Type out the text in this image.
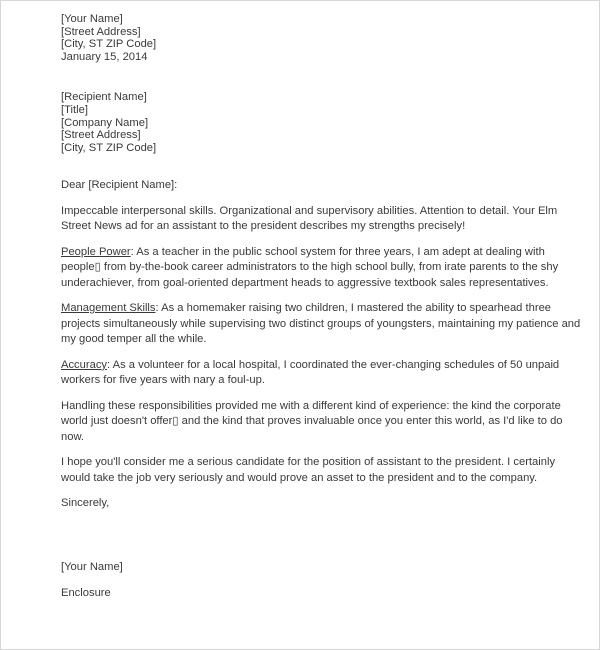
[Your Name]
[Street Address]
[City, ST ZIP Code]
January 15, 2014
[Recipient Name]
[Title]
[Company Name]
[Street Address]
[City, ST ZIP Code]

Dear [Recipient Name]:

Impeccable interpersonal skills. Organizational and supervisory abilities. Attention to detail. Your Elm Street News ad for an assistant to the president describes my strengths precisely!

People Power: As a teacher in the public school system for three years, I am adept at dealing with people▯ from by-the-book career administrators to the high school bully, from irate parents to the shy underachiever, from goal-oriented department heads to aggressive textbook sales representatives.

Management Skills: As a homemaker raising two children, I mastered the ability to spearhead three projects simultaneously while supervising two distinct groups of youngsters, maintaining my patience and my good temper all the while.

Accuracy: As a volunteer for a local hospital, I coordinated the ever-changing schedules of 50 unpaid workers for five years with nary a foul-up.

Handling these responsibilities provided me with a different kind of experience: the kind the corporate world just doesn't offer▯ and the kind that proves invaluable once you enter this world, as I'd like to do now.

I hope you'll consider me a serious candidate for the position of assistant to the president. I certainly would take the job very seriously and would prove an asset to the president and to the company.

Sincerely,

[Your Name]

Enclosure
